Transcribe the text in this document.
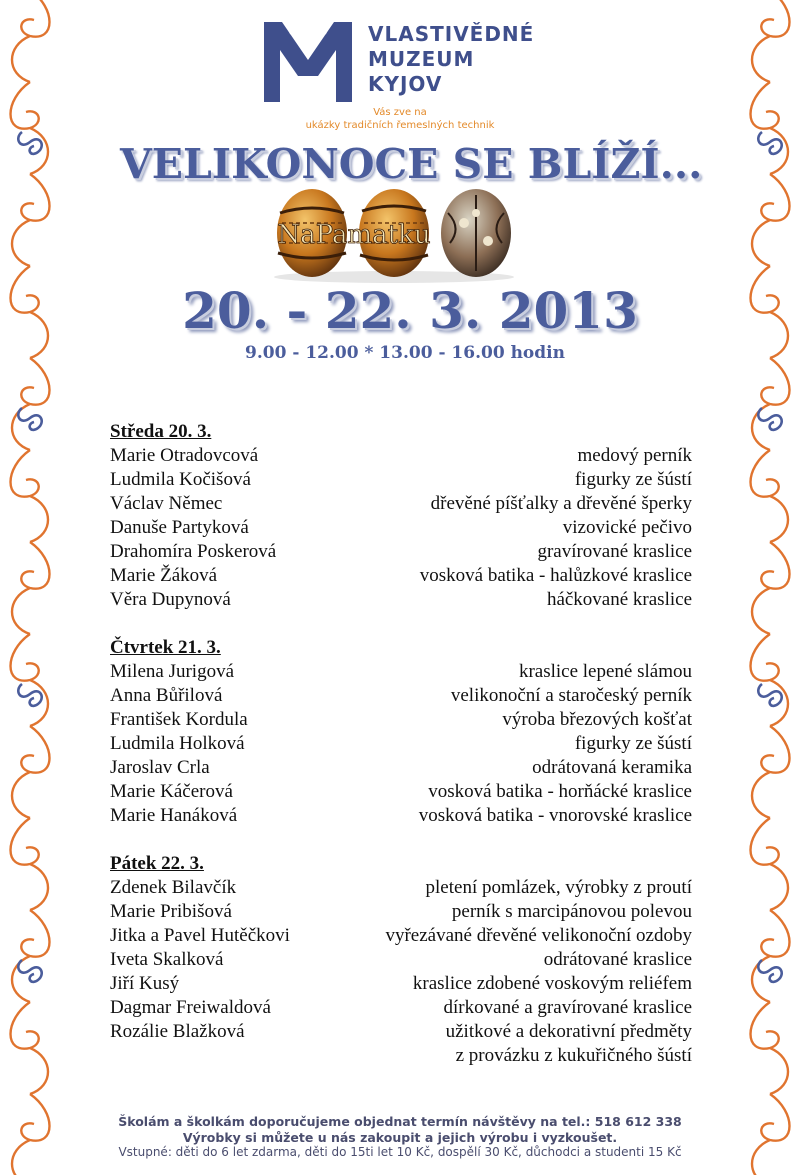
VLASTIVĚDNÉ
MUZEUM
KYJOV
Vás zve na
ukázky tradičních řemeslných technik
VELIKONOCE SE BLÍŽÍ...
NaPamatku
20. - 22. 3. 2013
9.00 - 12.00 * 13.00 - 16.00 hodin
Středa 20. 3.
Marie Otradovcová	medový perník
Ludmila Kočišová	figurky ze šústí
Václav Němec	dřevěné píšťalky a dřevěné šperky
Danuše Partyková	vizovické pečivo
Drahomíra Poskerová	gravírované kraslice
Marie Žáková	vosková batika - halůzkové kraslice
Věra Dupynová	háčkované kraslice
Čtvrtek 21. 3.
Milena Jurigová	kraslice lepené slámou
Anna Bůřilová	velikonoční a staročeský perník
František Kordula	výroba březových košťat
Ludmila Holková	figurky ze šústí
Jaroslav Crla	odrátovaná keramika
Marie Káčerová	vosková batika - horňácké kraslice
Marie Hanáková	vosková batika - vnorovské kraslice
Pátek 22. 3.
Zdenek Bilavčík	pletení pomlázek, výrobky z proutí
Marie Pribišová	perník s marcipánovou polevou
Jitka a Pavel Hutěčkovi	vyřezávané dřevěné velikonoční ozdoby
Iveta Skalková	odrátované kraslice
Jiří Kusý	kraslice zdobené voskovým reliéfem
Dagmar Freiwaldová	dírkované a gravírované kraslice
Rozálie Blažková	užitkové a dekorativní předměty
z provázku z kukuřičného šústí
Školám a školkám doporučujeme objednat termín návštěvy na tel.: 518 612 338
Výrobky si můžete u nás zakoupit a jejich výrobu i vyzkoušet.
Vstupné: děti do 6 let zdarma, děti do 15ti let 10 Kč, dospělí 30 Kč, důchodci a studenti 15 Kč
